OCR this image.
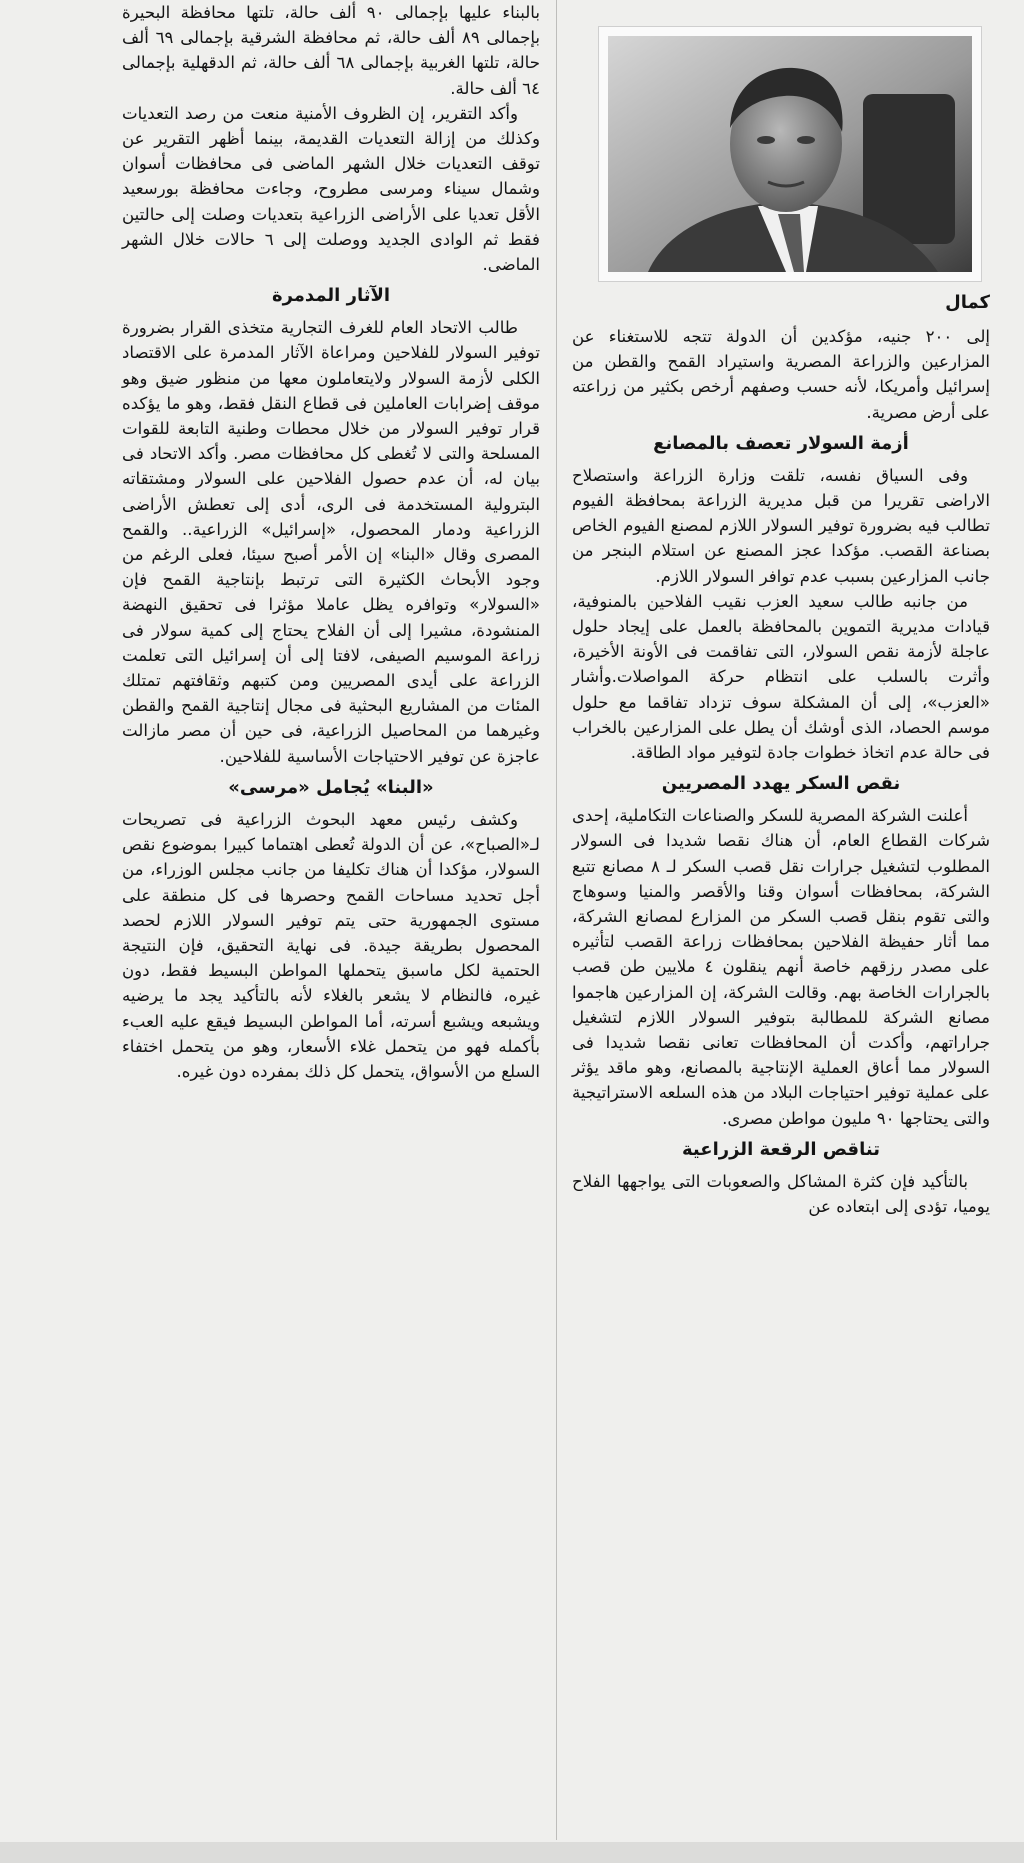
بالبناء عليها بإجمالى ٩٠ ألف حالة، تلتها محافظة البحيرة بإجمالى ٨٩ ألف حالة، ثم محافظة الشرقية بإجمالى ٦٩ ألف حالة، تلتها الغربية بإجمالى ٦٨ ألف حالة، ثم الدقهلية بإجمالى ٦٤ ألف حالة.

وأكد التقرير، إن الظروف الأمنية منعت من رصد التعديات وكذلك من إزالة التعديات القديمة، بينما أظهر التقرير عن توقف التعديات خلال الشهر الماضى فى محافظات أسوان وشمال سيناء ومرسى مطروح، وجاءت محافظة بورسعيد الأقل تعديا على الأراضى الزراعية بتعديات وصلت إلى حالتين فقط ثم الوادى الجديد ووصلت إلى ٦ حالات خلال الشهر الماضى.

الآثار المدمرة

طالب الاتحاد العام للغرف التجارية متخذى القرار بضرورة توفير السولار للفلاحين ومراعاة الآثار المدمرة على الاقتصاد الكلى لأزمة السولار ولايتعاملون معها من منظور ضيق وهو موقف إضرابات العاملين فى قطاع النقل فقط، وهو ما يؤكده قرار توفير السولار من خلال محطات وطنية التابعة للقوات المسلحة والتى لا تُغطى كل محافظات مصر. وأكد الاتحاد فى بيان له، أن عدم حصول الفلاحين على السولار ومشتقاته البترولية المستخدمة فى الرى، أدى إلى تعطش الأراضى الزراعية ودمار المحصول، «إسرائيل» الزراعية.. والقمح المصرى وقال «البنا» إن الأمر أصبح سيئا، فعلى الرغم من وجود الأبحاث الكثيرة التى ترتبط بإنتاجية القمح فإن «السولار» وتوافره يظل عاملا مؤثرا فى تحقيق النهضة المنشودة، مشيرا إلى أن الفلاح يحتاج إلى كمية سولار فى زراعة الموسيم الصيفى، لافتا إلى أن إسرائيل التى تعلمت الزراعة على أيدى المصريين ومن كتبهم وثقافتهم تمتلك المئات من المشاريع البحثية فى مجال إنتاجية القمح والقطن وغيرهما من المحاصيل الزراعية، فى حين أن مصر مازالت عاجزة عن توفير الاحتياجات الأساسية للفلاحين.

«البنا» يُجامل «مرسى»

وكشف رئيس معهد البحوث الزراعية فى تصريحات لـ«الصباح»، عن أن الدولة تُعطى اهتماما كبيرا بموضوع نقص السولار، مؤكدا أن هناك تكليفا من جانب مجلس الوزراء، من أجل تحديد مساحات القمح وحصرها فى كل منطقة على مستوى الجمهورية حتى يتم توفير السولار اللازم لحصد المحصول بطريقة جيدة. فى نهاية التحقيق، فإن النتيجة الحتمية لكل ماسبق يتحملها المواطن البسيط فقط، دون غيره، فالنظام لا يشعر بالغلاء لأنه بالتأكيد يجد ما يرضيه ويشبعه ويشبع أسرته، أما المواطن البسيط فيقع عليه العبء بأكمله فهو من يتحمل غلاء الأسعار، وهو من يتحمل اختفاء السلع من الأسواق، يتحمل كل ذلك بمفرده دون غيره.

كمال

إلى ٢٠٠ جنيه، مؤكدين أن الدولة تتجه للاستغناء عن المزارعين والزراعة المصرية واستيراد القمح والقطن من إسرائيل وأمريكا، لأنه حسب وصفهم أرخص بكثير من زراعته على أرض مصرية.

أزمة السولار تعصف بالمصانع

وفى السياق نفسه، تلقت وزارة الزراعة واستصلاح الاراضى تقريرا من قبل مديرية الزراعة بمحافظة الفيوم تطالب فيه بضرورة توفير السولار اللازم لمصنع الفيوم الخاص بصناعة القصب. مؤكدا عجز المصنع عن استلام البنجر من جانب المزارعين بسبب عدم توافر السولار اللازم.

من جانبه طالب سعيد العزب نقيب الفلاحين بالمنوفية، قيادات مديرية التموين بالمحافظة بالعمل على إيجاد حلول عاجلة لأزمة نقص السولار، التى تفاقمت فى الأونة الأخيرة، وأثرت بالسلب على انتظام حركة المواصلات.وأشار «العزب»، إلى أن المشكلة سوف تزداد تفاقما مع حلول موسم الحصاد، الذى أوشك أن يطل على المزارعين بالخراب فى حالة عدم اتخاذ خطوات جادة لتوفير مواد الطاقة.

نقص السكر يهدد المصريين

أعلنت الشركة المصرية للسكر والصناعات التكاملية، إحدى شركات القطاع العام، أن هناك نقصا شديدا فى السولار المطلوب لتشغيل جرارات نقل قصب السكر لـ ٨ مصانع تتبع الشركة، بمحافظات أسوان وقنا والأقصر والمنيا وسوهاج والتى تقوم بنقل قصب السكر من المزارع لمصانع الشركة، مما أثار حفيظة الفلاحين بمحافظات زراعة القصب لتأثيره على مصدر رزقهم خاصة أنهم ينقلون ٤ ملايين طن قصب بالجرارات الخاصة بهم. وقالت الشركة، إن المزارعين هاجموا مصانع الشركة للمطالبة بتوفير السولار اللازم لتشغيل جراراتهم، وأكدت أن المحافظات تعانى نقصا شديدا فى السولار مما أعاق العملية الإنتاجية بالمصانع، وهو ماقد يؤثر على عملية توفير احتياجات البلاد من هذه السلعه الاستراتيجية والتى يحتاجها ٩٠ مليون مواطن مصرى.

تناقص الرقعة الزراعية

بالتأكيد فإن كثرة المشاكل والصعوبات التى يواجهها الفلاح يوميا، تؤدى إلى ابتعاده عن
